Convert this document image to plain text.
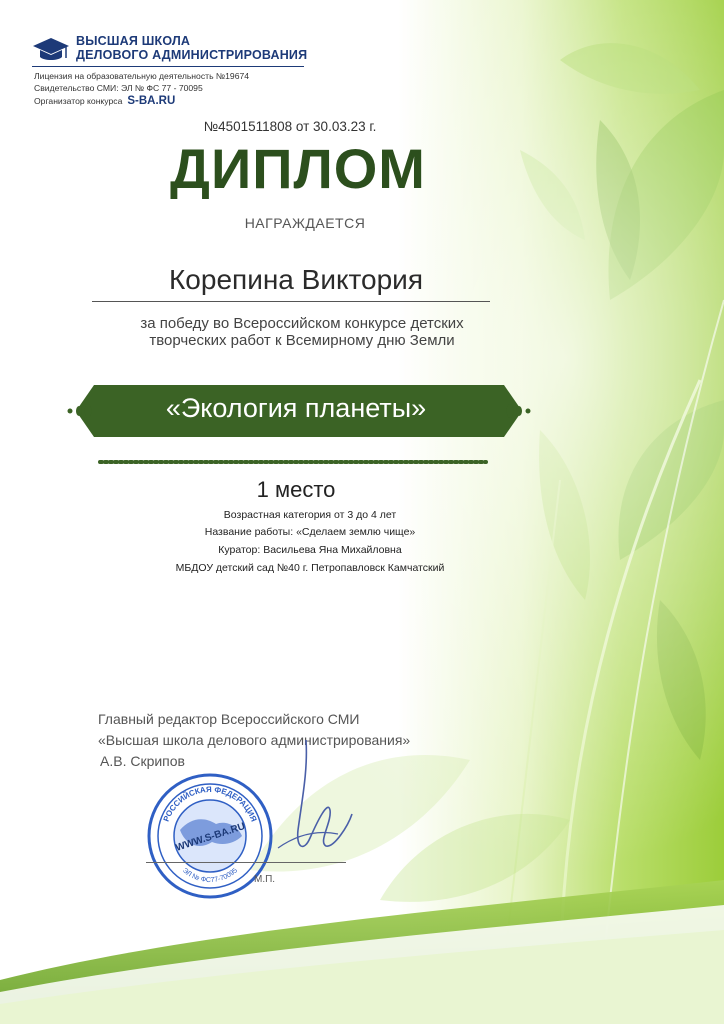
ВЫСШАЯ ШКОЛА
ДЕЛОВОГО АДМИНИСТРИРОВАНИЯ
Лицензия на образовательную деятельность №19674
Свидетельство СМИ: ЭЛ № ФС 77 - 70095
Организатор конкурса S-BA.RU
№4501511808 от 30.03.23 г.
ДИПЛОМ
НАГРАЖДАЕТСЯ
Корепина Виктория
за победу во Всероссийском конкурсе детских
творческих работ к Всемирному дню Земли
«Экология планеты»
1 место
Возрастная категория от 3 до 4 лет
Название работы: «Сделаем землю чище»
Куратор: Васильева Яна Михайловна
МБДОУ детский сад №40 г. Петропавловск Камчатский
Главный редактор Всероссийского СМИ
«Высшая школа делового администрирования»
А.В. Скрипов
РОССИЙСКАЯ ФЕДЕРАЦИЯ
ЭЛ № ФС77-70095
WWW.S-BA.RU
М.П.
